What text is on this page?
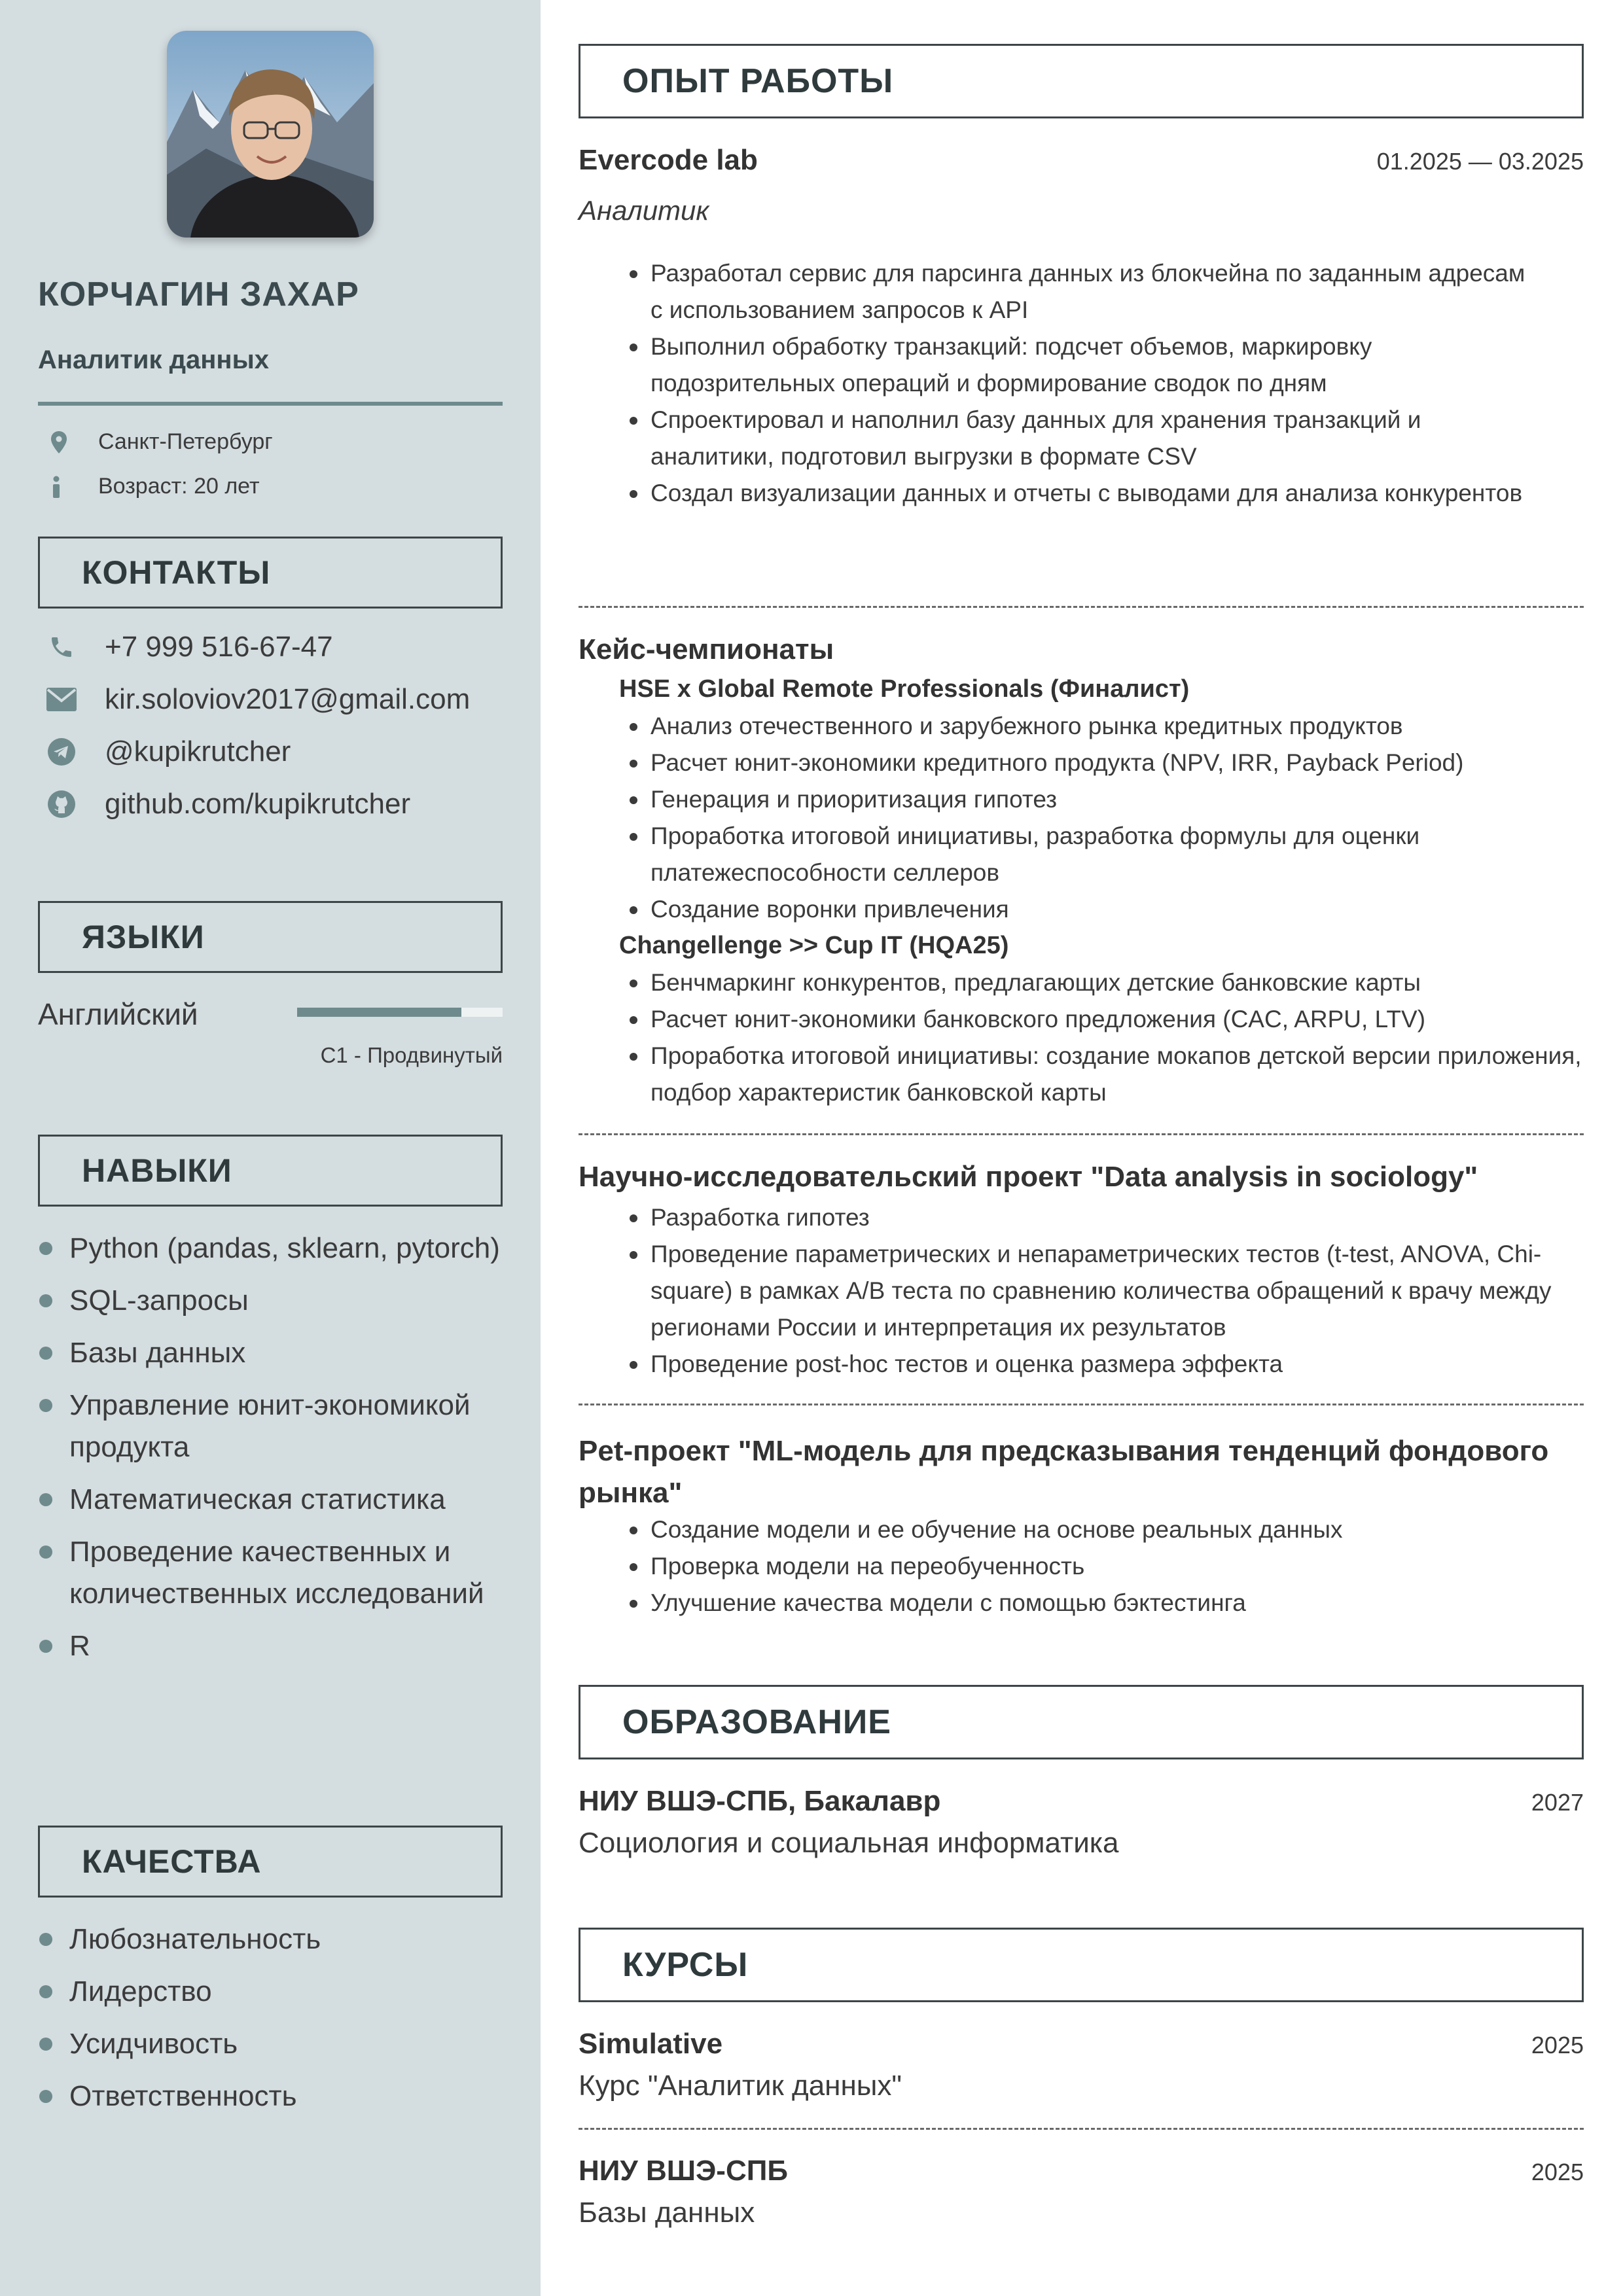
КОРЧАГИН ЗАХАР
Аналитик данных
Санкт-Петербург
Возраст: 20 лет
КОНТАКТЫ
+7 999 516-67-47
kir.soloviov2017@gmail.com
@kupikrutcher
github.com/kupikrutcher
ЯЗЫКИ
Английский
C1 - Продвинутый
НАВЫКИ
Python (pandas, sklearn, pytorch)
SQL-запросы
Базы данных
Управление юнит-экономикой продукта
Математическая статистика
Проведение качественных и количественных исследований
R
КАЧЕСТВА
Любознательность
Лидерство
Усидчивость
Ответственность
ОПЫТ РАБОТЫ
Evercode lab	01.2025 — 03.2025
Аналитик
Разработал сервис для парсинга данных из блокчейна по заданным адресам с использованием запросов к API
Выполнил обработку транзакций: подсчет объемов, маркировку подозрительных операций и формирование сводок по дням
Спроектировал и наполнил базу данных для хранения транзакций и аналитики, подготовил выгрузки в формате CSV
Создал визуализации данных и отчеты с выводами для анализа конкурентов
Кейс-чемпионаты
HSE x Global Remote Professionals (Финалист)
Анализ отечественного и зарубежного рынка кредитных продуктов
Расчет юнит-экономики кредитного продукта (NPV, IRR, Payback Period)
Генерация и приоритизация гипотез
Проработка итоговой инициативы, разработка формулы для оценки платежеспособности селлеров
Создание воронки привлечения
Changellenge >> Cup IT (HQA25)
Бенчмаркинг конкурентов, предлагающих детские банковские карты
Расчет юнит-экономики банковского предложения (CAC, ARPU, LTV)
Проработка итоговой инициативы: создание мокапов детской версии приложения, подбор характеристик банковской карты
Научно-исследовательский проект "Data analysis in sociology"
Разработка гипотез
Проведение параметрических и непараметрических тестов (t-test, ANOVA, Chi-square) в рамках A/B теста по сравнению количества обращений к врачу между регионами России и интерпретация их результатов
Проведение post-hoc тестов и оценка размера эффекта
Pet-проект "ML-модель для предсказывания тенденций фондового рынка"
Создание модели и ее обучение на основе реальных данных
Проверка модели на переобученность
Улучшение качества модели с помощью бэктестинга
ОБРАЗОВАНИЕ
НИУ ВШЭ-СПБ, Бакалавр	2027
Социология и социальная информатика
КУРСЫ
Simulative	2025
Курс "Аналитик данных"
НИУ ВШЭ-СПБ	2025
Базы данных
